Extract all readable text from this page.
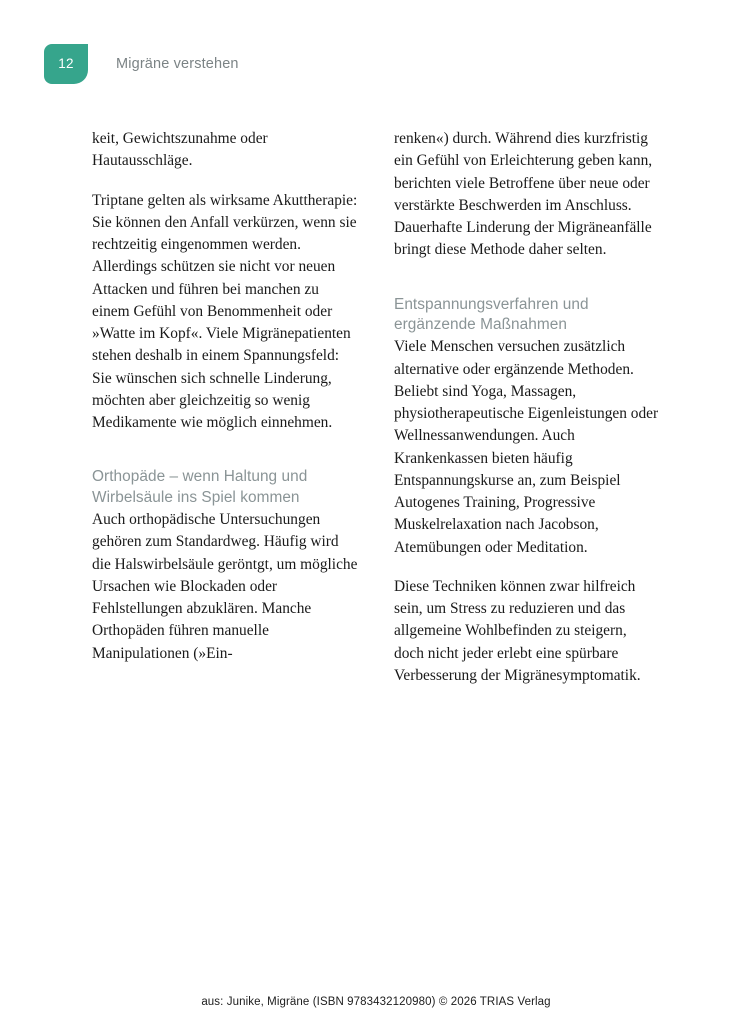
12	Migräne verstehen

keit, Gewichtszunahme oder Hautausschläge.

Triptane gelten als wirksame Akuttherapie: Sie können den Anfall verkürzen, wenn sie rechtzeitig eingenommen werden. Allerdings schützen sie nicht vor neuen Attacken und führen bei manchen zu einem Gefühl von Benommenheit oder »Watte im Kopf«. Viele Migränepatienten stehen deshalb in einem Spannungsfeld: Sie wünschen sich schnelle Linderung, möchten aber gleichzeitig so wenig Medikamente wie möglich einnehmen.

Orthopäde – wenn Haltung und Wirbelsäule ins Spiel kommen

Auch orthopädische Untersuchungen gehören zum Standardweg. Häufig wird die Halswirbelsäule geröntgt, um mögliche Ursachen wie Blockaden oder Fehlstellungen abzuklären. Manche Orthopäden führen manuelle Manipulationen (»Ein-

renken«) durch. Während dies kurzfristig ein Gefühl von Erleichterung geben kann, berichten viele Betroffene über neue oder verstärkte Beschwerden im Anschluss. Dauerhafte Linderung der Migräneanfälle bringt diese Methode daher selten.

Entspannungsverfahren und ergänzende Maßnahmen

Viele Menschen versuchen zusätzlich alternative oder ergänzende Methoden. Beliebt sind Yoga, Massagen, physiotherapeutische Eigenleistungen oder Wellnessanwendungen. Auch Krankenkassen bieten häufig Entspannungskurse an, zum Beispiel Autogenes Training, Progressive Muskelrelaxation nach Jacobson, Atemübungen oder Meditation.

Diese Techniken können zwar hilfreich sein, um Stress zu reduzieren und das allgemeine Wohlbefinden zu steigern, doch nicht jeder erlebt eine spürbare Verbesserung der Migränesymptomatik.

aus: Junike, Migräne (ISBN 9783432120980) © 2026 TRIAS Verlag
